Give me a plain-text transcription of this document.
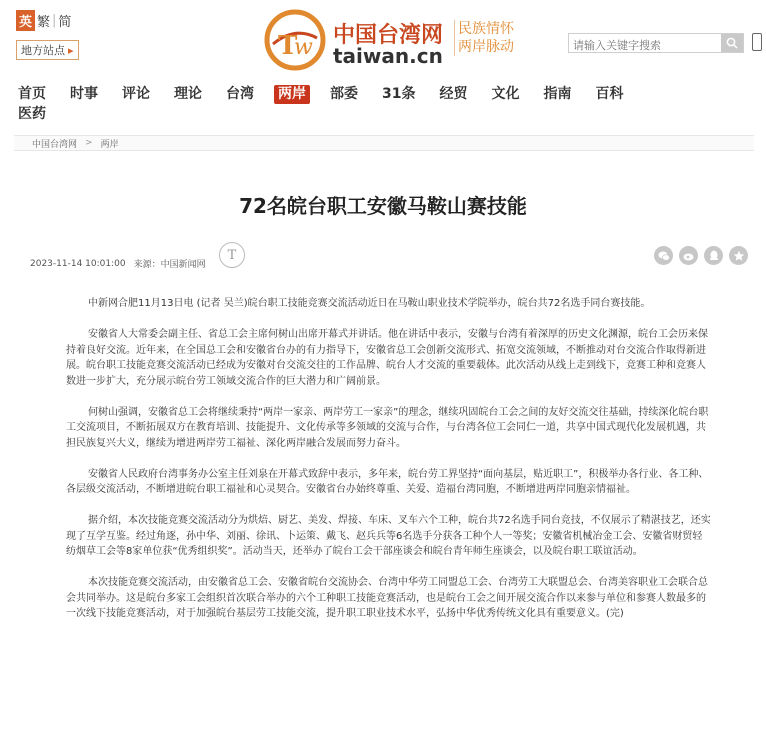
英 繁 | 简
地方站点 ▸	T
w 中国台湾网
taiwan.cn
民族情怀
两岸脉动
请输入关键字搜索
首页 时事 评论 理论 台湾 两岸 部委 31条 经贸 文化 指南 百科
医药
中国台湾网 > 两岸
72名皖台职工安徽马鞍山赛技能
2023-11-14 10:01:00 来源：中国新闻网
T

中新网合肥11月13日电 (记者 吴兰)皖台职工技能竞赛交流活动近日在马鞍山职业技术学院举办，皖台共72名选手同台赛技能。

安徽省人大常委会副主任、省总工会主席何树山出席开幕式并讲话。他在讲话中表示，安徽与台湾有着深厚的历史文化渊源，皖台工会历来保持着良好交流。近年来，在全国总工会和安徽省台办的有力指导下，安徽省总工会创新交流形式、拓宽交流领域，不断推动对台交流合作取得新进展。皖台职工技能竞赛交流活动已经成为安徽对台交流交往的工作品牌、皖台人才交流的重要载体。此次活动从线上走到线下，竞赛工种和竞赛人数进一步扩大，充分展示皖台劳工领域交流合作的巨大潜力和广阔前景。

何树山强调，安徽省总工会将继续秉持“两岸一家亲、两岸劳工一家亲”的理念，继续巩固皖台工会之间的友好交流交往基础，持续深化皖台职工交流项目，不断拓展双方在教育培训、技能提升、文化传承等多领域的交流与合作，与台湾各位工会同仁一道，共享中国式现代化发展机遇，共担民族复兴大义，继续为增进两岸劳工福祉、深化两岸融合发展而努力奋斗。

安徽省人民政府台湾事务办公室主任刘泉在开幕式致辞中表示，多年来，皖台劳工界坚持“面向基层，贴近职工”，积极举办各行业、各工种、各层级交流活动，不断增进皖台职工福祉和心灵契合。安徽省台办始终尊重、关爱、造福台湾同胞，不断增进两岸同胞亲情福祉。

据介绍，本次技能竞赛交流活动分为烘焙、厨艺、美发、焊接、车床、叉车六个工种，皖台共72名选手同台竞技，不仅展示了精湛技艺，还实现了互学互鉴。经过角逐，孙中华、刘丽、徐讯、卜运策、戴飞、赵兵兵等6名选手分获各工种个人一等奖；安徽省机械冶金工会、安徽省财贸轻纺烟草工会等8家单位获“优秀组织奖”。活动当天，还举办了皖台工会干部座谈会和皖台青年师生座谈会，以及皖台职工联谊活动。

本次技能竞赛交流活动，由安徽省总工会、安徽省皖台交流协会、台湾中华劳工同盟总工会、台湾劳工大联盟总会、台湾美容职业工会联合总会共同举办。这是皖台多家工会组织首次联合举办的六个工种职工技能竞赛活动，也是皖台工会之间开展交流合作以来参与单位和参赛人数最多的一次线下技能竞赛活动，对于加强皖台基层劳工技能交流，提升职工职业技术水平，弘扬中华优秀传统文化具有重要意义。(完)
